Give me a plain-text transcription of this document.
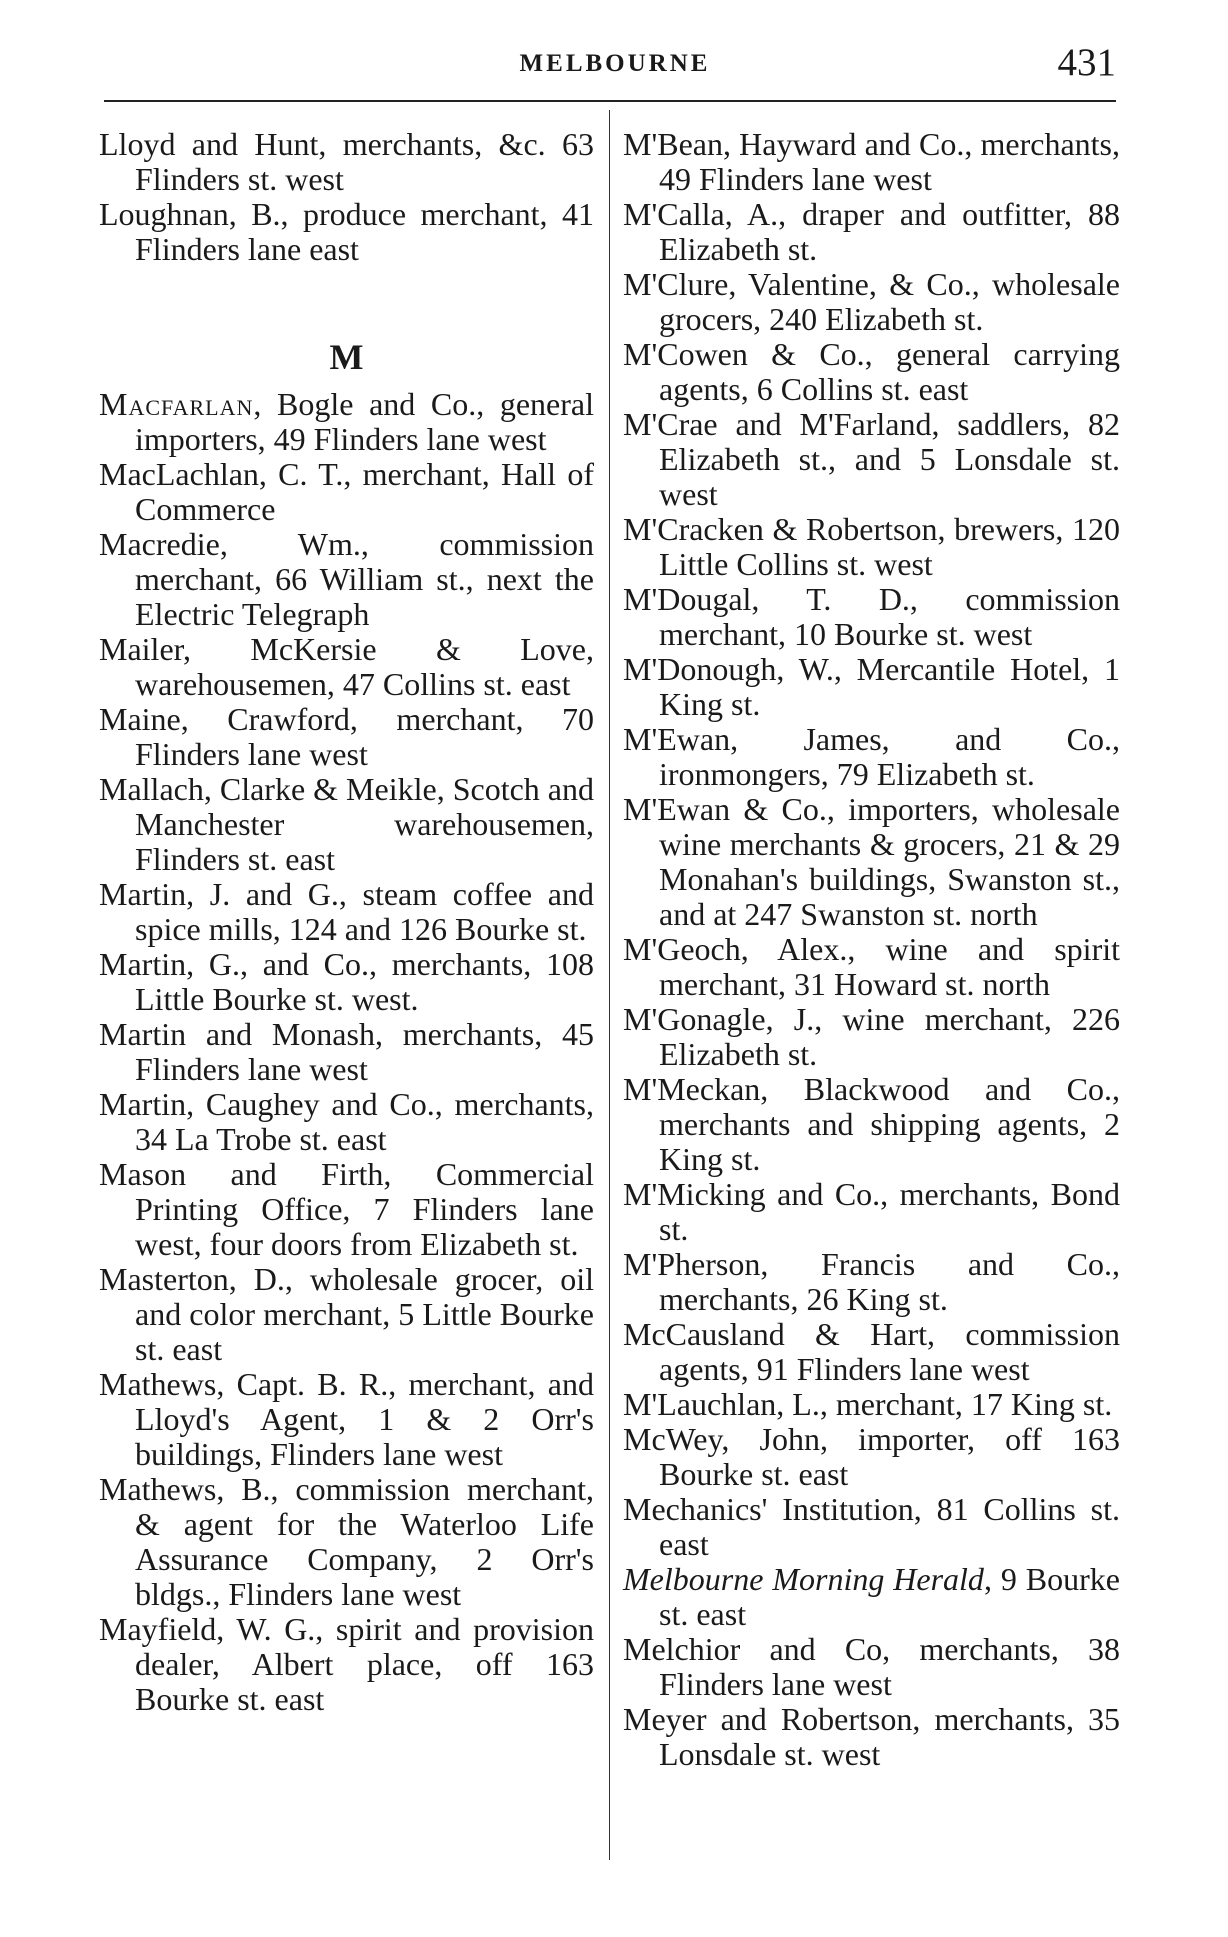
MELBOURNE	431

Lloyd and Hunt, merchants, &c. 63 Flinders st. west

Loughnan, B., produce merchant, 41 Flinders lane east

M

Macfarlan, Bogle and Co., general importers, 49 Flinders lane west

MacLachlan, C. T., merchant, Hall of Commerce

Macredie, Wm., commission merchant, 66 William st., next the Electric Telegraph

Mailer, McKersie & Love, warehousemen, 47 Collins st. east

Maine, Crawford, merchant, 70 Flinders lane west

Mallach, Clarke & Meikle, Scotch and Manchester warehousemen, Flinders st. east

Martin, J. and G., steam coffee and spice mills, 124 and 126 Bourke st.

Martin, G., and Co., merchants, 108 Little Bourke st. west.

Martin and Monash, merchants, 45 Flinders lane west

Martin, Caughey and Co., merchants, 34 La Trobe st. east

Mason and Firth, Commercial Printing Office, 7 Flinders lane west, four doors from Elizabeth st.

Masterton, D., wholesale grocer, oil and color merchant, 5 Little Bourke st. east

Mathews, Capt. B. R., merchant, and Lloyd's Agent, 1 & 2 Orr's buildings, Flinders lane west

Mathews, B., commission merchant, & agent for the Waterloo Life Assurance Company, 2 Orr's bldgs., Flinders lane west

Mayfield, W. G., spirit and provision dealer, Albert place, off 163 Bourke st. east

M'Bean, Hayward and Co., merchants, 49 Flinders lane west

M'Calla, A., draper and outfitter, 88 Elizabeth st.

M'Clure, Valentine, & Co., wholesale grocers, 240 Elizabeth st.

M'Cowen & Co., general carrying agents, 6 Collins st. east

M'Crae and M'Farland, saddlers, 82 Elizabeth st., and 5 Lonsdale st. west

M'Cracken & Robertson, brewers, 120 Little Collins st. west

M'Dougal, T. D., commission merchant, 10 Bourke st. west

M'Donough, W., Mercantile Hotel, 1 King st.

M'Ewan, James, and Co., ironmongers, 79 Elizabeth st.

M'Ewan & Co., importers, wholesale wine merchants & grocers, 21 & 29 Monahan's buildings, Swanston st., and at 247 Swanston st. north

M'Geoch, Alex., wine and spirit merchant, 31 Howard st. north

M'Gonagle, J., wine merchant, 226 Elizabeth st.

M'Meckan, Blackwood and Co., merchants and shipping agents, 2 King st.

M'Micking and Co., merchants, Bond st.

M'Pherson, Francis and Co., merchants, 26 King st.

McCausland & Hart, commission agents, 91 Flinders lane west

M'Lauchlan, L., merchant, 17 King st.

McWey, John, importer, off 163 Bourke st. east

Mechanics' Institution, 81 Collins st. east

Melbourne Morning Herald, 9 Bourke st. east

Melchior and Co, merchants, 38 Flinders lane west

Meyer and Robertson, merchants, 35 Lonsdale st. west
